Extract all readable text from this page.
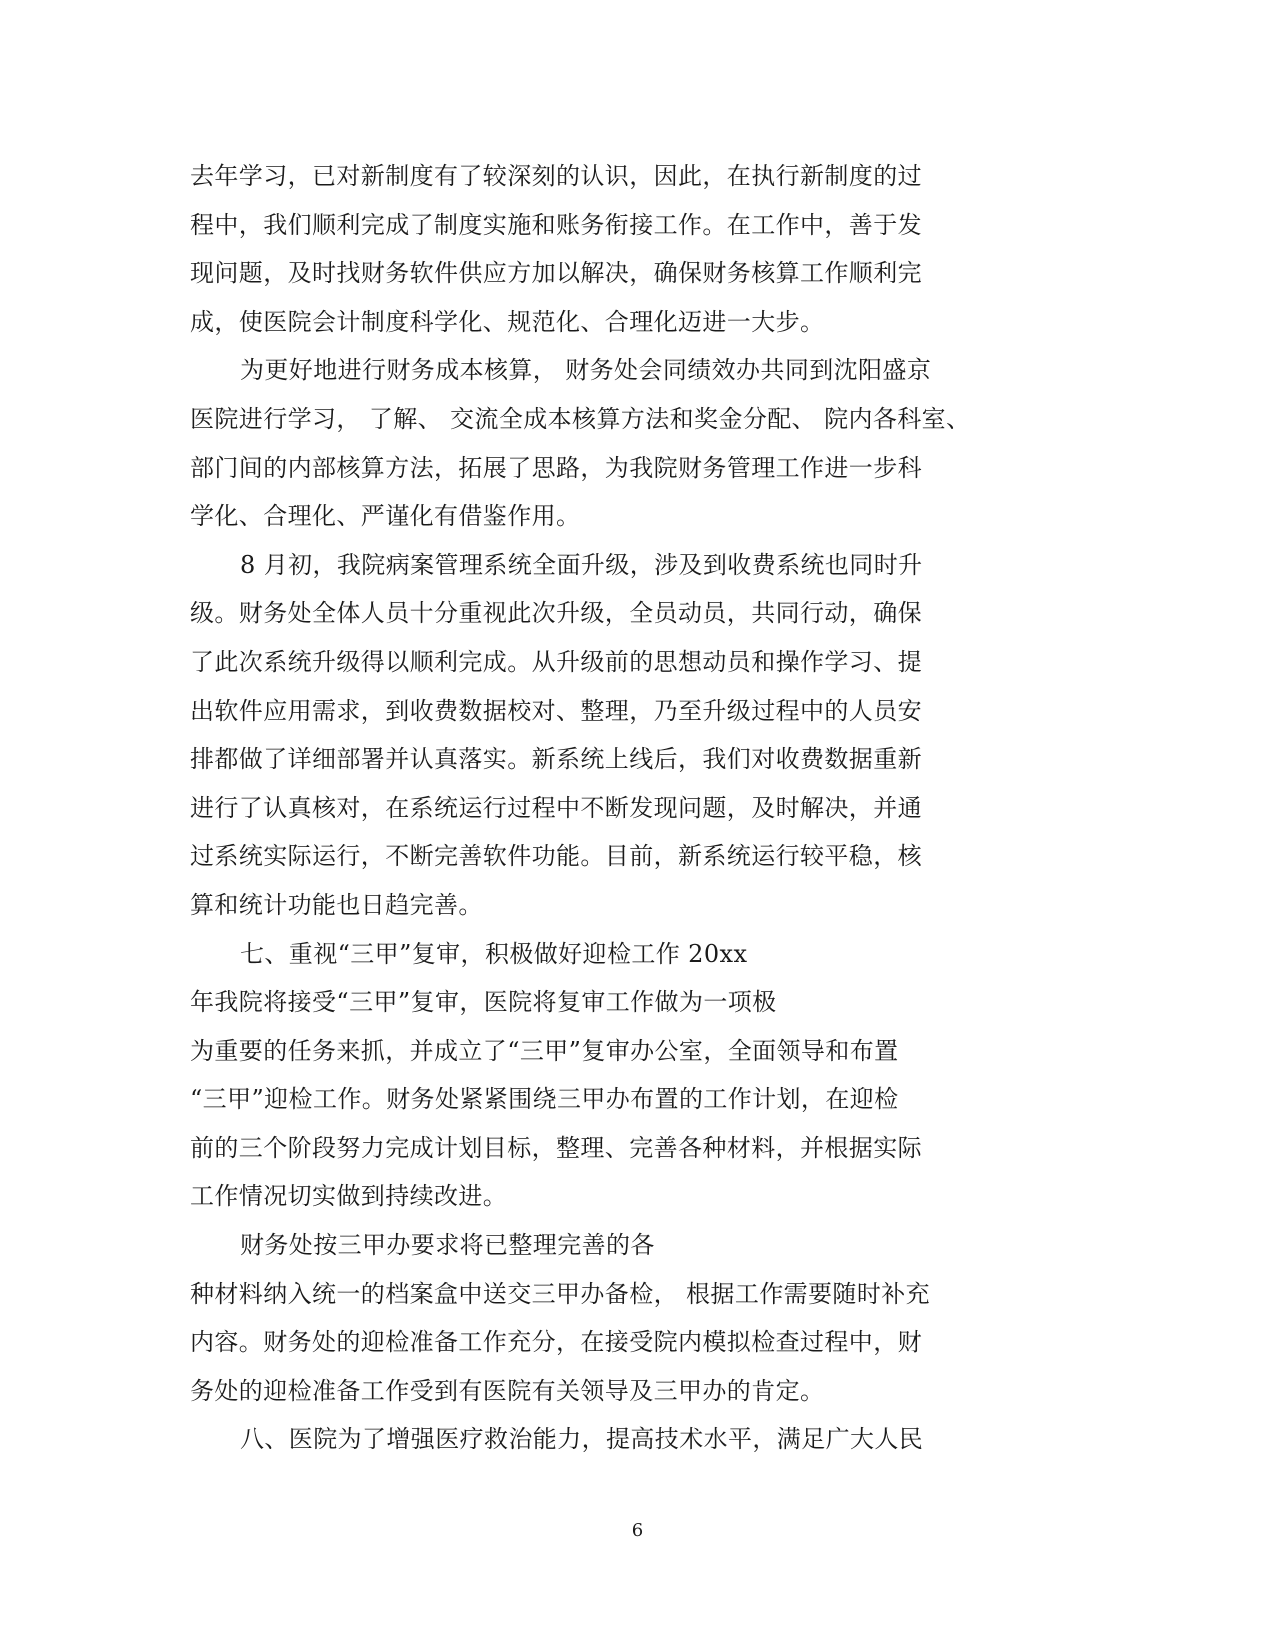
去年学习，已对新制度有了较深刻的认识，因此，在执行新制度的过
程中，我们顺利完成了制度实施和账务衔接工作。在工作中，善于发
现问题，及时找财务软件供应方加以解决，确保财务核算工作顺利完
成，使医院会计制度科学化、规范化、合理化迈进一大步。
为更好地进行财务成本核算， 财务处会同绩效办共同到沈阳盛京
医院进行学习， 了解、 交流全成本核算方法和奖金分配、 院内各科室、
部门间的内部核算方法，拓展了思路，为我院财务管理工作进一步科
学化、合理化、严谨化有借鉴作用。
8 月初，我院病案管理系统全面升级，涉及到收费系统也同时升
级。财务处全体人员十分重视此次升级，全员动员，共同行动，确保
了此次系统升级得以顺利完成。从升级前的思想动员和操作学习、提
出软件应用需求，到收费数据校对、整理，乃至升级过程中的人员安
排都做了详细部署并认真落实。新系统上线后，我们对收费数据重新
进行了认真核对，在系统运行过程中不断发现问题，及时解决，并通
过系统实际运行，不断完善软件功能。目前，新系统运行较平稳，核
算和统计功能也日趋完善。
七、重视“三甲”复审，积极做好迎检工作 20xx
年我院将接受“三甲”复审，医院将复审工作做为一项极
为重要的任务来抓，并成立了“三甲”复审办公室，全面领导和布置
“三甲”迎检工作。财务处紧紧围绕三甲办布置的工作计划，在迎检
前的三个阶段努力完成计划目标，整理、完善各种材料，并根据实际
工作情况切实做到持续改进。
财务处按三甲办要求将已整理完善的各
种材料纳入统一的档案盒中送交三甲办备检， 根据工作需要随时补充
内容。财务处的迎检准备工作充分，在接受院内模拟检查过程中，财
务处的迎检准备工作受到有医院有关领导及三甲办的肯定。
八、医院为了增强医疗救治能力，提高技术水平，满足广大人民
6
